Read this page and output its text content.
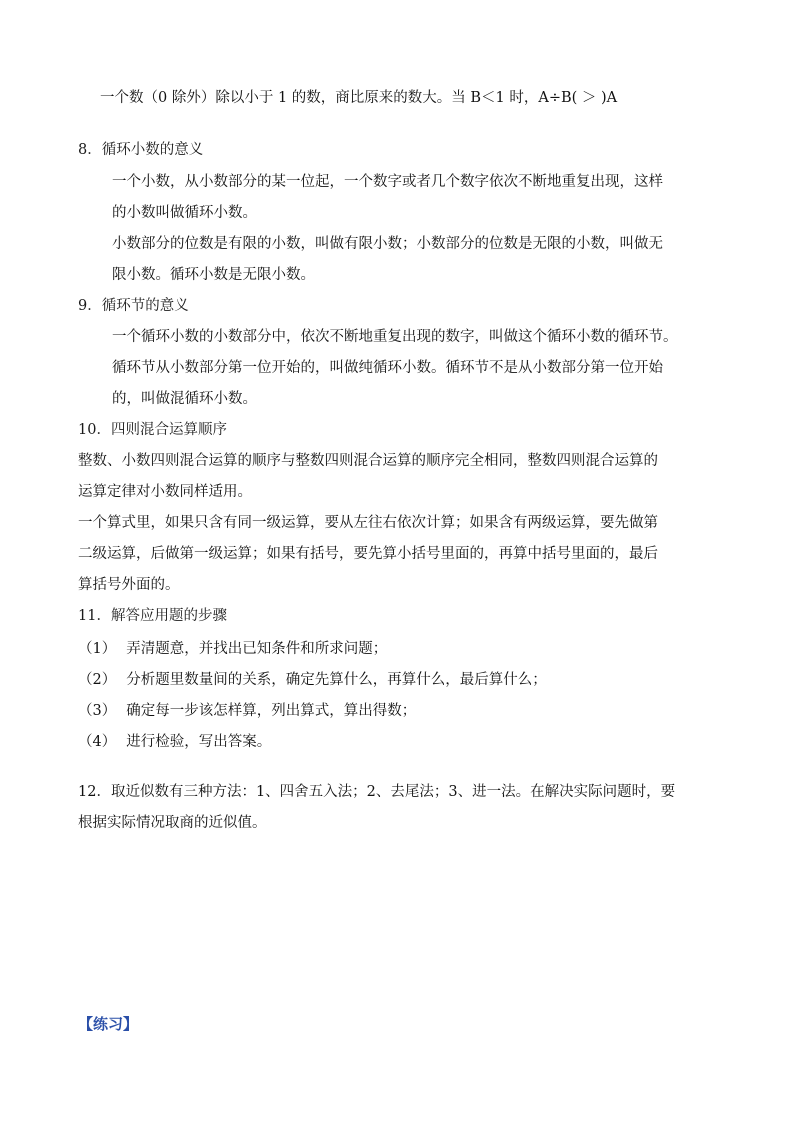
一个数（0 除外）除以小于 1 的数，商比原来的数大。当 B＜1 时，A÷B( ＞ )A
8．循环小数的意义
一个小数，从小数部分的某一位起，一个数字或者几个数字依次不断地重复出现，这样
的小数叫做循环小数。
小数部分的位数是有限的小数，叫做有限小数；小数部分的位数是无限的小数，叫做无
限小数。循环小数是无限小数。
9．循环节的意义
一个循环小数的小数部分中，依次不断地重复出现的数字，叫做这个循环小数的循环节。
循环节从小数部分第一位开始的，叫做纯循环小数。循环节不是从小数部分第一位开始
的，叫做混循环小数。
10．四则混合运算顺序
整数、小数四则混合运算的顺序与整数四则混合运算的顺序完全相同，整数四则混合运算的
运算定律对小数同样适用。
一个算式里，如果只含有同一级运算，要从左往右依次计算；如果含有两级运算，要先做第
二级运算，后做第一级运算；如果有括号，要先算小括号里面的，再算中括号里面的，最后
算括号外面的。
11．解答应用题的步骤
（1） 弄清题意，并找出已知条件和所求问题；
（2） 分析题里数量间的关系，确定先算什么，再算什么，最后算什么；
（3） 确定每一步该怎样算，列出算式，算出得数；
（4） 进行检验，写出答案。
12．取近似数有三种方法：1、四舍五入法；2、去尾法；3、进一法。在解决实际问题时，要
根据实际情况取商的近似值。
【练习】
